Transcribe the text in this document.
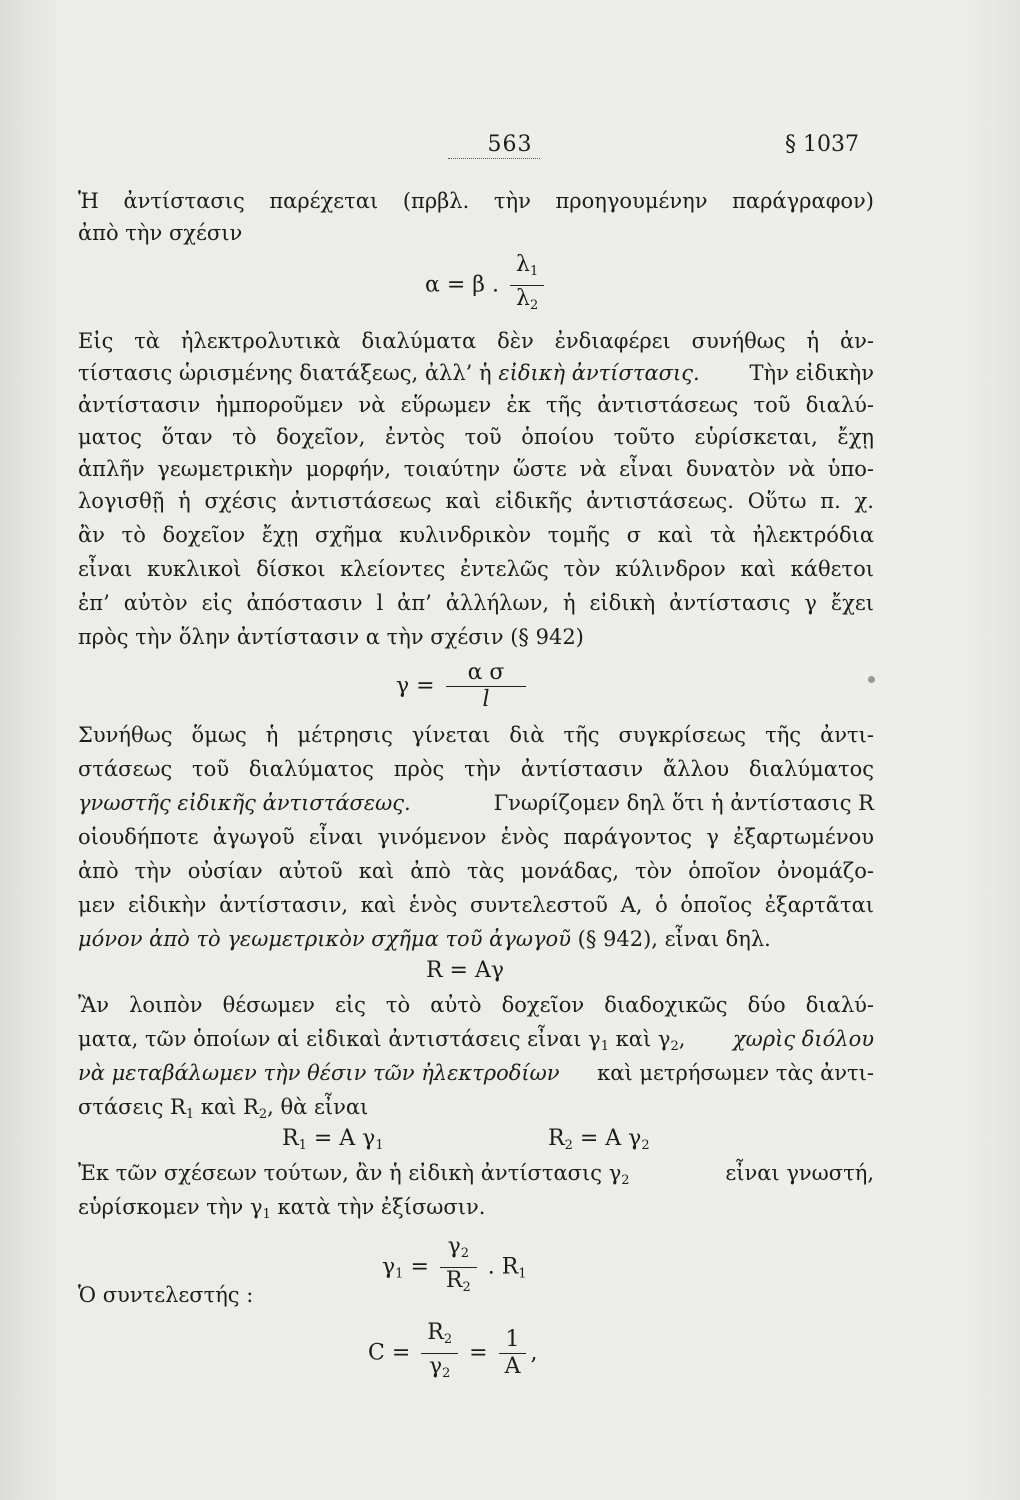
563	§ 1037
Ἡ ἀντίστασις παρέχεται (πρβλ. τὴν προηγουμένην παράγραφον)
ἀπὸ τὴν σχέσιν
α = β . $\frac{\lambda_1}{\lambda_2}$
Εἰς τὰ ἠλεκτρολυτικὰ διαλύματα δὲν ἐνδιαφέρει συνήθως ἡ ἀν-
τίστασις ὡρισμένης διατάξεως, ἀλλ’ ἡ εἰδικὴ ἀντίστασις. Τὴν εἰδικὴν
ἀντίστασιν ἠμποροῦμεν νὰ εὕρωμεν ἐκ τῆς ἀντιστάσεως τοῦ διαλύ-
ματος ὅταν τὸ δοχεῖον, ἐντὸς τοῦ ὁποίου τοῦτο εὑρίσκεται, ἔχῃ
ἁπλῆν γεωμετρικὴν μορφήν, τοιαύτην ὥστε νὰ εἶναι δυνατὸν νὰ ὑπο-
λογισθῇ ἡ σχέσις ἀντιστάσεως καὶ εἰδικῆς ἀντιστάσεως. Οὕτω π. χ.
ἂν τὸ δοχεῖον ἔχῃ σχῆμα κυλινδρικὸν τομῆς σ καὶ τὰ ἠλεκτρόδια
εἶναι κυκλικοὶ δίσκοι κλείοντες ἐντελῶς τὸν κύλινδρον καὶ κάθετοι
ἐπ’ αὐτὸν εἰς ἀπόστασιν l ἀπ’ ἀλλήλων, ἡ εἰδικὴ ἀντίστασις γ ἔχει
πρὸς τὴν ὅλην ἀντίστασιν α τὴν σχέσιν (§ 942)
$\gamma = \frac{\text{α σ}}{l}$
Συνήθως ὅμως ἡ μέτρησις γίνεται διὰ τῆς συγκρίσεως τῆς ἀντι-
στάσεως τοῦ διαλύματος πρὸς τὴν ἀντίστασιν ἄλλου διαλύματος
γνωστῆς εἰδικῆς ἀντιστάσεως.	Γνωρίζομεν δηλ ὅτι ἡ ἀντίστασις R
οἱουδήποτε ἀγωγοῦ εἶναι γινόμενον ἑνὸς παράγοντος γ ἐξαρτωμένου
ἀπὸ τὴν οὐσίαν αὐτοῦ καὶ ἀπὸ τὰς μονάδας, τὸν ὁποῖον ὀνομάζο-
μεν εἰδικὴν ἀντίστασιν, καὶ ἑνὸς συντελεστοῦ Α, ὁ ὁποῖος ἐξαρτᾶται
μόνον ἀπὸ τὸ γεωμετρικὸν σχῆμα τοῦ ἀγωγοῦ (§ 942), εἶναι δηλ.
R = Αγ
Ἂν λοιπὸν θέσωμεν εἰς τὸ αὐτὸ δοχεῖον διαδοχικῶς δύο διαλύ-
ματα, τῶν ὁποίων αἱ εἰδικαὶ ἀντιστάσεις εἶναι $\gamma_1$ καὶ $\gamma_2$, χωρὶς διόλου
νὰ μεταβάλωμεν τὴν θέσιν τῶν ἠλεκτροδίων καὶ μετρήσωμεν τὰς ἀντι-
στάσεις $R_1$ καὶ $R_2$, θὰ εἶναι
$R_1 = A$ $\gamma_1$	$R_2 = A$ $\gamma_2$
Ἐκ τῶν σχέσεων τούτων, ἂν ἡ εἰδικὴ ἀντίστασις $\gamma_2$	εἶναι γνωστή,
εὑρίσκομεν τὴν $\gamma_1$ κατὰ τὴν ἐξίσωσιν.
$\gamma_1 = \frac{\gamma_2}{R_2}$ . $R_1$
Ὁ συντελεστής :
$C = \frac{R_2}{\gamma_2} = \frac{1}{A}$ ,
